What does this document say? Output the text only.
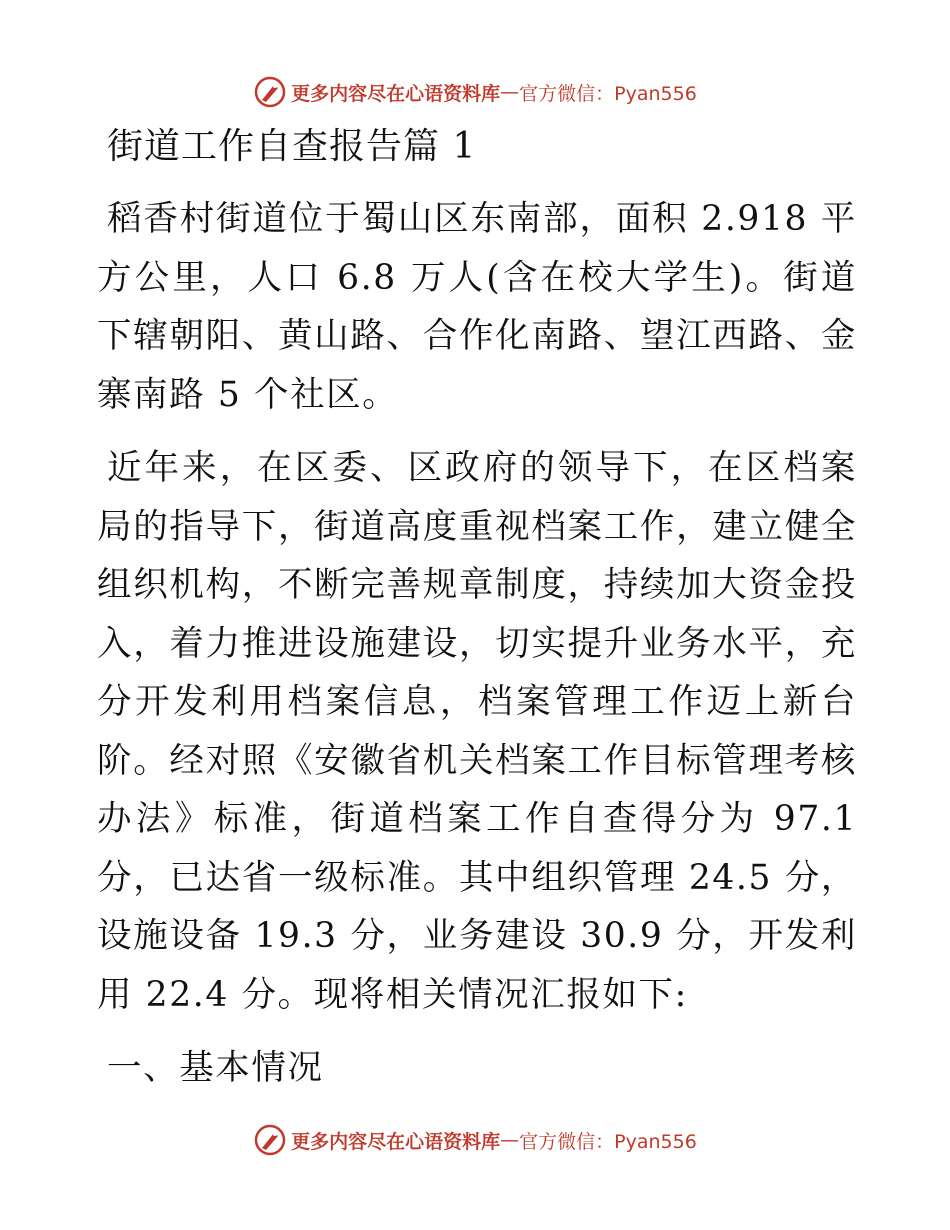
更多内容尽在心语资料库 — 官方微信：Pyan556
街道工作自查报告篇 1

稻香村街道位于蜀山区东南部，面积 2.918 平方公里，人口 6.8 万人(含在校大学生)。街道下辖朝阳、黄山路、合作化南路、望江西路、金寨南路 5 个社区。

近年来，在区委、区政府的领导下，在区档案局的指导下，街道高度重视档案工作，建立健全组织机构，不断完善规章制度，持续加大资金投入，着力推进设施建设，切实提升业务水平，充分开发利用档案信息，档案管理工作迈上新台阶。经对照《安徽省机关档案工作目标管理考核办法》标准，街道档案工作自查得分为 97.1 分，已达省一级标准。其中组织管理 24.5 分，设施设备 19.3 分，业务建设 30.9 分，开发利用 22.4 分。现将相关情况汇报如下:

一、基本情况
更多内容尽在心语资料库 — 官方微信：Pyan556
